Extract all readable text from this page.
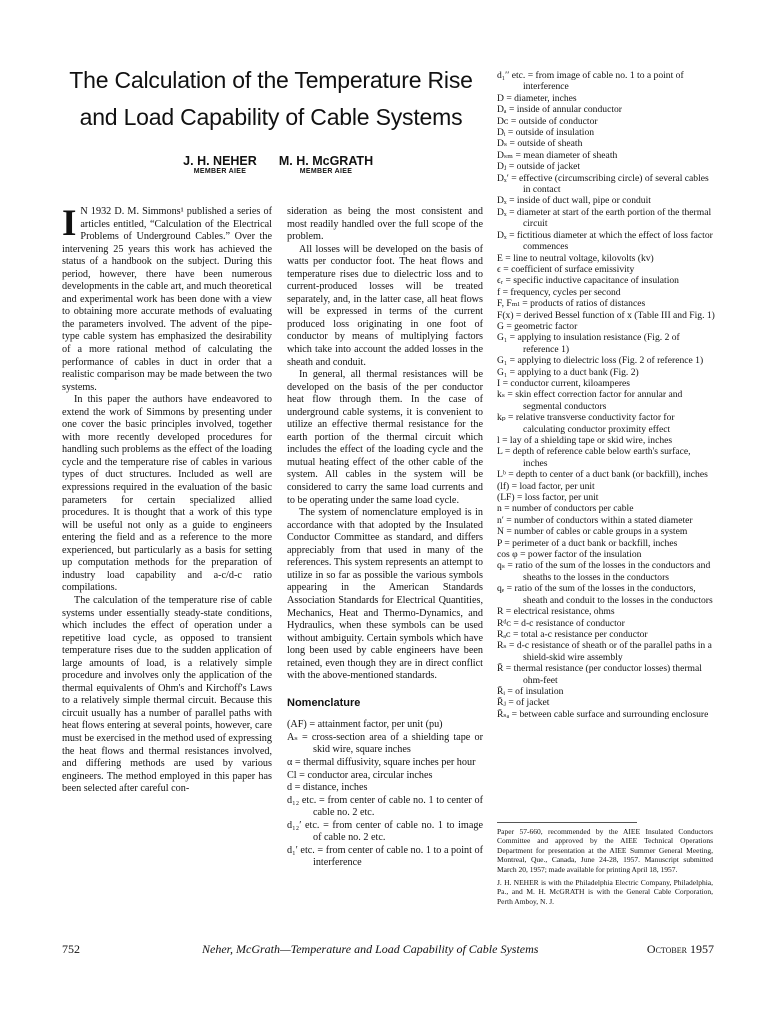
The Calculation of the Temperature Rise
and Load Capability of Cable Systems
J. H. NEHER
MEMBER AIEE
M. H. McGRATH
MEMBER AIEE

I N 1932 D. M. Simmons¹ published a series of articles entitled, “Calculation of the Electrical Problems of Underground Cables.” Over the intervening 25 years this work has achieved the status of a handbook on the subject. During this period, however, there have been numerous developments in the cable art, and much theoretical and experimental work has been done with a view to obtaining more accurate methods of evaluating the parameters involved. The advent of the pipe-type cable system has emphasized the desirability of a more rational method of calculating the performance of cables in duct in order that a realistic comparison may be made between the two systems.

In this paper the authors have endeavored to extend the work of Simmons by presenting under one cover the basic principles involved, together with more recently developed procedures for handling such problems as the effect of the loading cycle and the temperature rise of cables in various types of duct structures. Included as well are expressions required in the evaluation of the basic parameters for certain specialized allied procedures. It is thought that a work of this type will be useful not only as a guide to engineers entering the field and as a reference to the more experienced, but particularly as a basis for setting up computation methods for the preparation of industry load capability and a-c/d-c ratio compilations.

The calculation of the temperature rise of cable systems under essentially steady-state conditions, which includes the effect of operation under a repetitive load cycle, as opposed to transient temperature rises due to the sudden application of large amounts of load, is a relatively simple procedure and involves only the application of the thermal equivalents of Ohm's and Kirchoff's Laws to a relatively simple thermal circuit. Because this circuit usually has a number of parallel paths with heat flows entering at several points, however, care must be exercised in the method used of expressing the heat flows and thermal resistances involved, and differing methods are used by various engineers. The method employed in this paper has been selected after careful con-

sideration as being the most consistent and most readily handled over the full scope of the problem.

All losses will be developed on the basis of watts per conductor foot. The heat flows and temperature rises due to dielectric loss and to current-produced losses will be treated separately, and, in the latter case, all heat flows will be expressed in terms of the current produced loss originating in one foot of conductor by means of multiplying factors which take into account the added losses in the sheath and conduit.

In general, all thermal resistances will be developed on the basis of the per conductor heat flow through them. In the case of underground cable systems, it is convenient to utilize an effective thermal resistance for the earth portion of the thermal circuit which includes the effect of the loading cycle and the mutual heating effect of the other cable of the system. All cables in the system will be considered to carry the same load currents and to be operating under the same load cycle.

The system of nomenclature employed is in accordance with that adopted by the Insulated Conductor Committee as standard, and differs appreciably from that used in many of the references. This system represents an attempt to utilize in so far as possible the various symbols appearing in the American Standards Association Standards for Electrical Quantities, Mechanics, Heat and Thermo-Dynamics, and Hydraulics, when these symbols can be used without ambiguity. Certain symbols which have long been used by cable engineers have been retained, even though they are in direct conflict with the above-mentioned standards.

Nomenclature
(AF) = attainment factor, per unit (pu)
Aₛ = cross-section area of a shielding tape or skid wire, square inches
α = thermal diffusivity, square inches per hour
Cl = conductor area, circular inches
d = distance, inches
d₁₂ etc. = from center of cable no. 1 to center of cable no. 2 etc.
d₁₂′ etc. = from center of cable no. 1 to image of cable no. 2 etc.
d₁′ etc. = from center of cable no. 1 to a point of interference
d₁′′ etc. = from image of cable no. 1 to a point of interference
D = diameter, inches
Dₐ = inside of annular conductor
Dᴄ = outside of conductor
Dᵢ = outside of insulation
Dₛ = outside of sheath
Dₛₘ = mean diameter of sheath
Dⱼ = outside of jacket
Dₓ′ = effective (circumscribing circle) of several cables in contact
Dₓ = inside of duct wall, pipe or conduit
Dₓ = diameter at start of the earth portion of the thermal circuit
Dₓ = fictitious diameter at which the effect of loss factor commences
E = line to neutral voltage, kilovolts (kv)
ϵ = coefficient of surface emissivity
ϵᵣ = specific inductive capacitance of insulation
f = frequency, cycles per second
F, Fₘₗ = products of ratios of distances
F(x) = derived Bessel function of x (Table III and Fig. 1)
G = geometric factor
G₁ = applying to insulation resistance (Fig. 2 of reference 1)
G₁ = applying to dielectric loss (Fig. 2 of reference 1)
G₁ = applying to a duct bank (Fig. 2)
I = conductor current, kiloamperes
kₛ = skin effect correction factor for annular and segmental conductors
kₚ = relative transverse conductivity factor for calculating conductor proximity effect
l = lay of a shielding tape or skid wire, inches
L = depth of reference cable below earth's surface, inches
Lᵇ = depth to center of a duct bank (or backfill), inches
(lf) = load factor, per unit
(LF) = loss factor, per unit
n = number of conductors per cable
n′ = number of conductors within a stated diameter
N = number of cables or cable groups in a system
P = perimeter of a duct bank or backfill, inches
cos φ = power factor of the insulation
qₛ = ratio of the sum of the losses in the conductors and sheaths to the losses in the conductors
qₑ = ratio of the sum of the losses in the conductors, sheath and conduit to the losses in the conductors
R = electrical resistance, ohms
Rᵈᴄ = d-c resistance of conductor
Rₐᴄ = total a-c resistance per conductor
Rₛ = d-c resistance of sheath or of the parallel paths in a shield-skid wire assembly
R̄ = thermal resistance (per conductor losses) thermal ohm-feet
R̄ᵢ = of insulation
R̄ⱼ = of jacket
R̄ₛₐ = between cable surface and surrounding enclosure

Paper 57-660, recommended by the AIEE Insulated Conductors Committee and approved by the AIEE Technical Operations Department for presentation at the AIEE Summer General Meeting, Montreal, Que., Canada, June 24-28, 1957. Manuscript submitted March 20, 1957; made available for printing April 18, 1957.

J. H. NEHER is with the Philadelphia Electric Company, Philadelphia, Pa., and M. H. McGRATH is with the General Cable Corporation, Perth Amboy, N. J.

752	Neher, McGrath—Temperature and Load Capability of Cable Systems	October 1957
